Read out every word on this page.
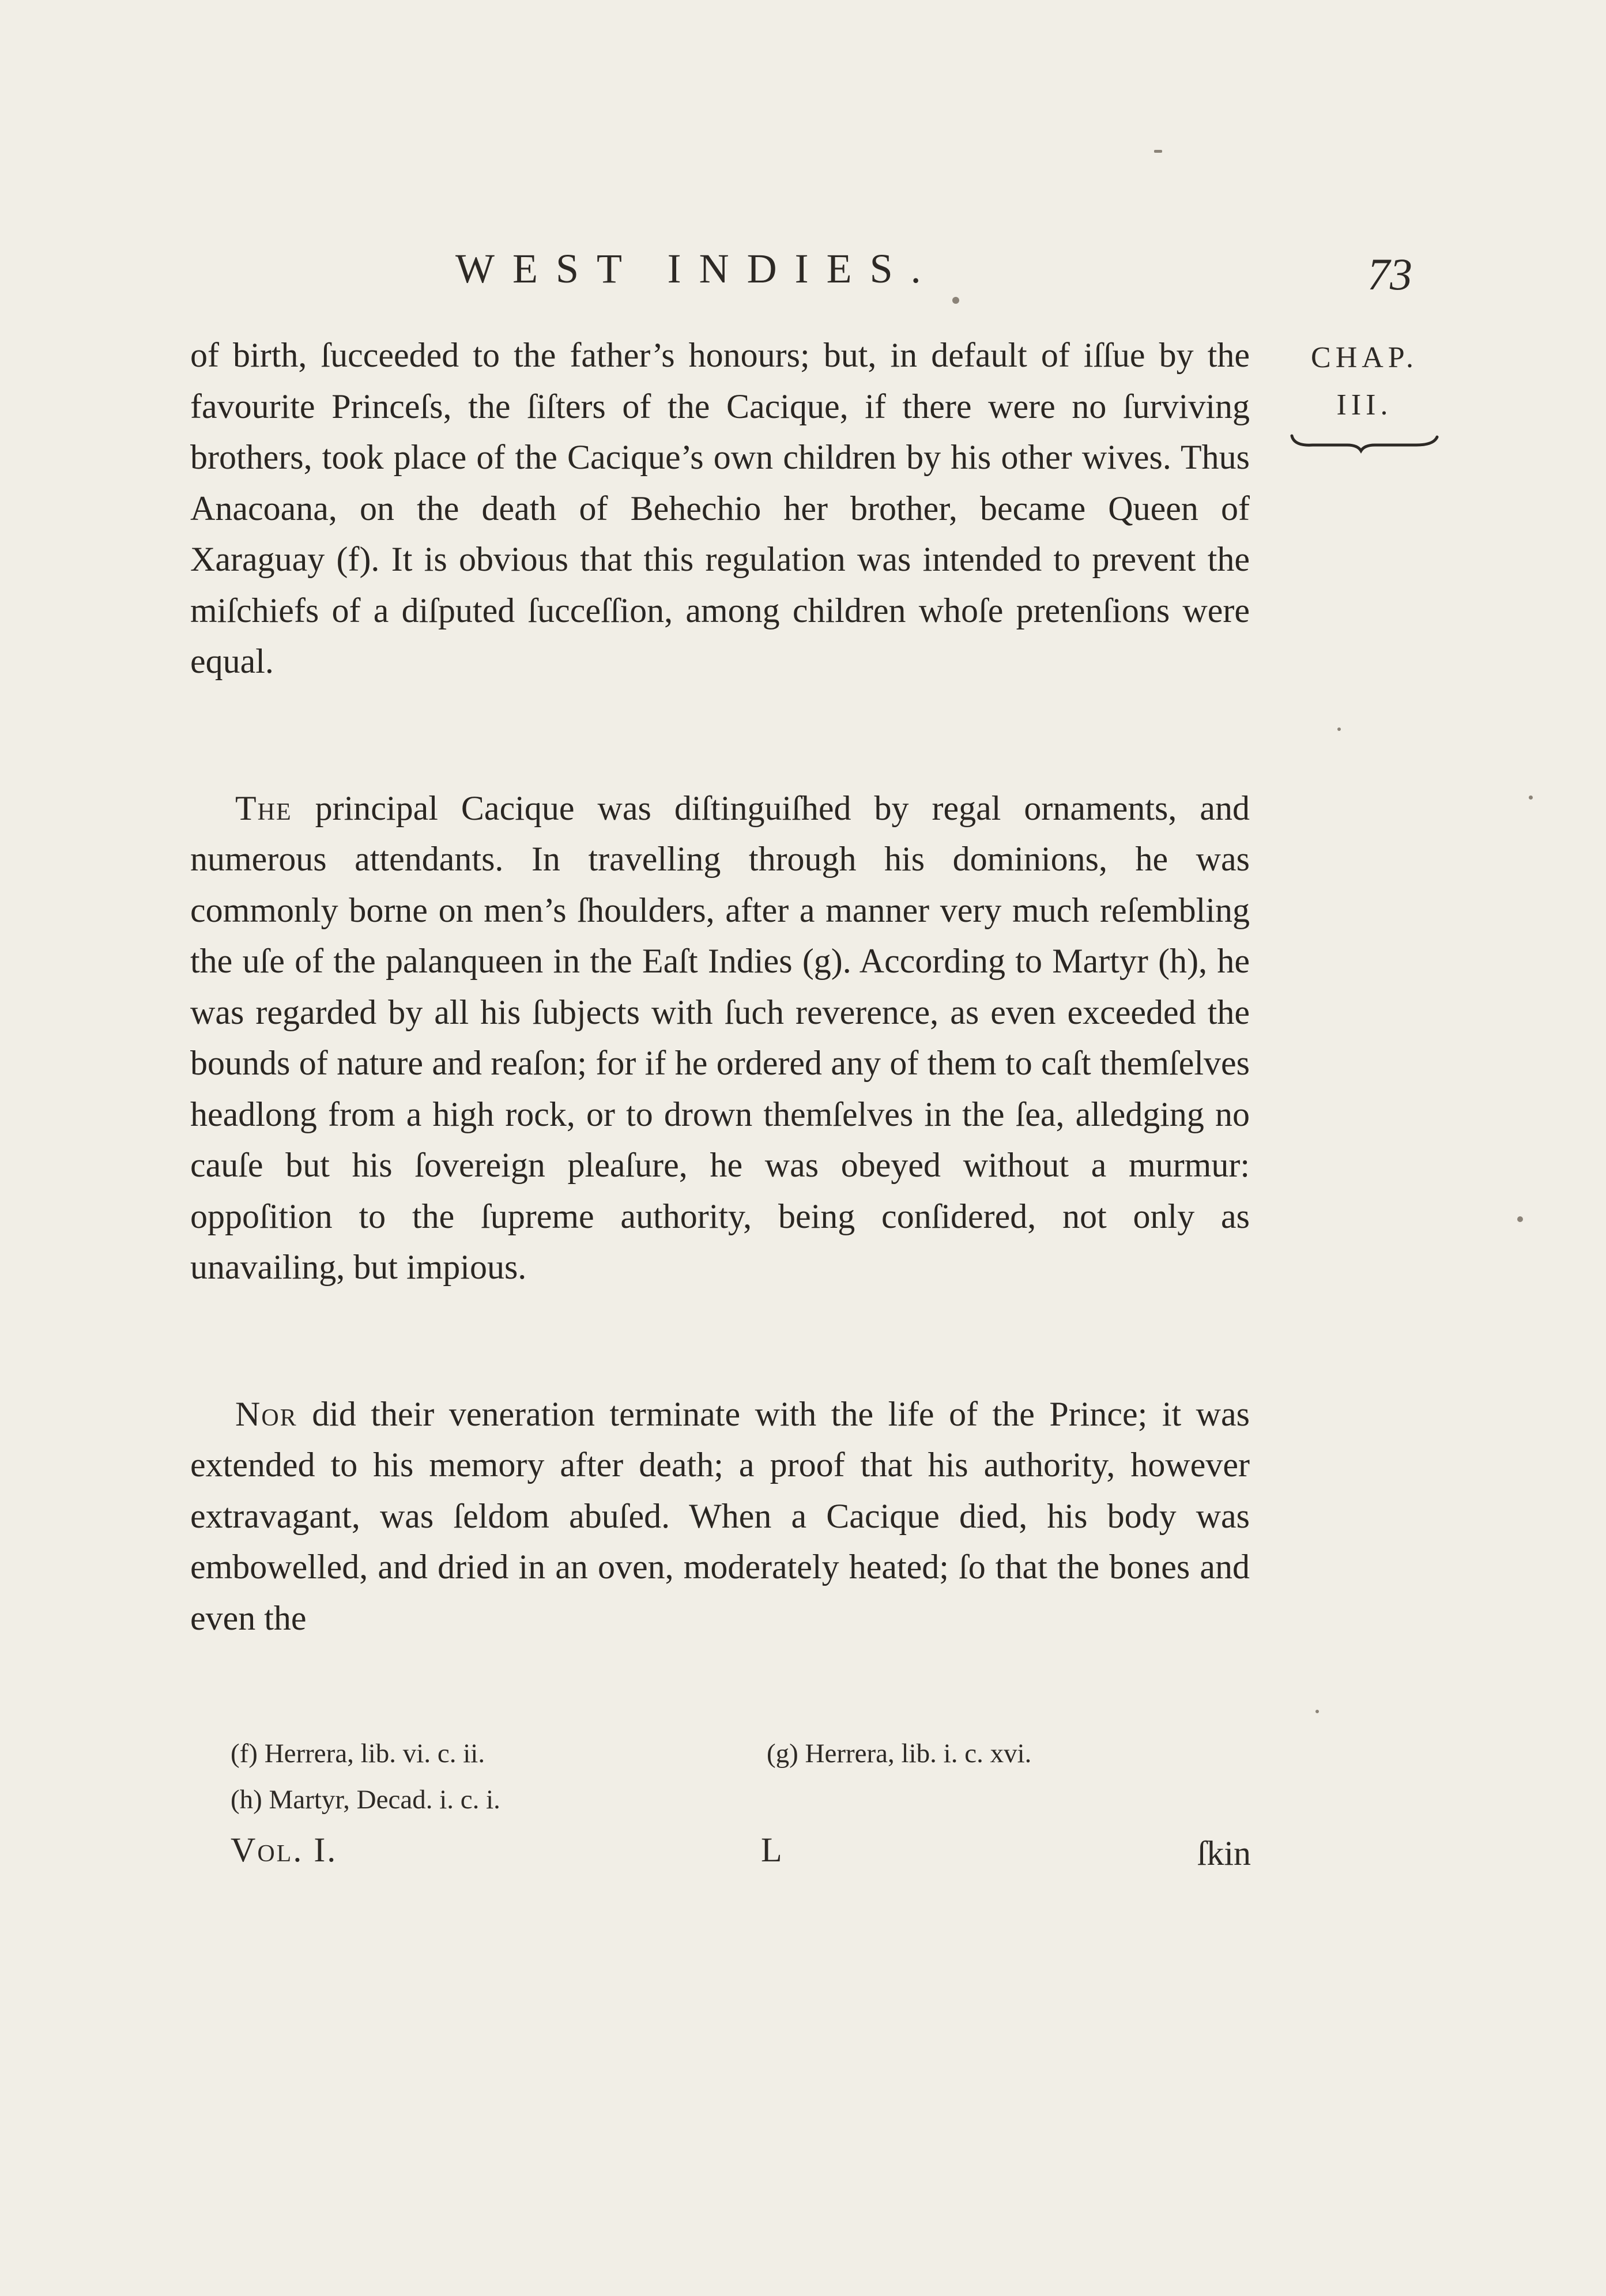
WEST INDIES.	73
CHAP.
III.

of birth, ſucceeded to the father’s honours; but, in default of iſſue by the favourite Princeſs, the ſiſters of the Cacique, if there were no ſurviving brothers, took place of the Cacique’s own children by his other wives. Thus Anacoana, on the death of Behechio her brother, became Queen of Xaraguay (f). It is obvious that this regulation was intended to prevent the miſchiefs of a diſputed ſucceſſion, among children whoſe pretenſions were equal.

The principal Cacique was diſtinguiſhed by regal ornaments, and numerous attendants. In travelling through his dominions, he was commonly borne on men’s ſhoulders, after a manner very much reſembling the uſe of the palanqueen in the Eaſt Indies (g). According to Martyr (h), he was regarded by all his ſubjects with ſuch reverence, as even exceeded the bounds of nature and reaſon; for if he ordered any of them to caſt themſelves headlong from a high rock, or to drown themſelves in the ſea, alledging no cauſe but his ſovereign pleaſure, he was obeyed without a murmur: oppoſition to the ſupreme authority, being conſidered, not only as unavailing, but impious.

Nor did their veneration terminate with the life of the Prince; it was extended to his memory after death; a proof that his authority, however extravagant, was ſeldom abuſed. When a Cacique died, his body was embowelled, and dried in an oven, moderately heated; ſo that the bones and even the

(f) Herrera, lib. vi. c. ii.	(g) Herrera, lib. i. c. xvi.
(h) Martyr, Decad. i. c. i.
Vol. I.	L	ſkin
